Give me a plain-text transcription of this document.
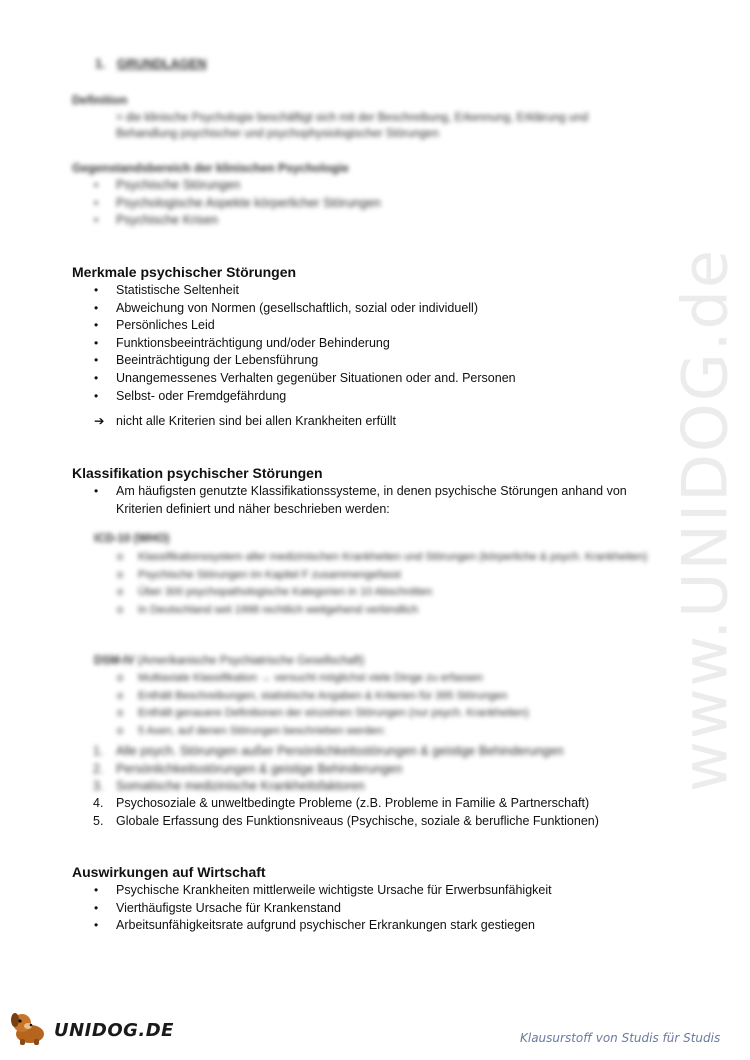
www.UNIDOG.de
1. GRUNDLAGEN
Definition
= die klinische Psychologie beschäftigt sich mit der Beschreibung, Erkennung, Erklärung und Behandlung psychischer und psychophysiologischer Störungen
Gegenstandsbereich der klinischen Psychologie
• Psychische Störungen
• Psychologische Aspekte körperlicher Störungen
• Psychische Krisen
Merkmale psychischer Störungen
• Statistische Seltenheit
• Abweichung von Normen (gesellschaftlich, sozial oder individuell)
• Persönliches Leid
• Funktionsbeeinträchtigung und/oder Behinderung
• Beeinträchtigung der Lebensführung
• Unangemessenes Verhalten gegenüber Situationen oder and. Personen
• Selbst- oder Fremdgefährdung
➔ nicht alle Kriterien sind bei allen Krankheiten erfüllt
Klassifikation psychischer Störungen
• Am häufigsten genutzte Klassifikationssysteme, in denen psychische Störungen anhand von Kriterien definiert und näher beschrieben werden:
ICD-10 (WHO)
o Klassifikationssystem aller medizinischen Krankheiten und Störungen (körperliche & psych. Krankheiten)
o Psychische Störungen im Kapitel F zusammengefasst
o Über 300 psychopathologische Kategorien in 10 Abschnitten
o In Deutschland seit 1998 rechtlich weitgehend verbindlich
DSM-IV (Amerikanische Psychiatrische Gesellschaft)
o Multiaxiale Klassifikation → versucht möglichst viele Dinge zu erfassen
o Enthält Beschreibungen, statistische Angaben & Kriterien für 395 Störungen
o Enthält genauere Definitionen der einzelnen Störungen (nur psych. Krankheiten)
o 5 Axen, auf denen Störungen beschrieben werden:
1. Alle psych. Störungen außer Persönlichkeitsstörungen & geistige Behinderungen
2. Persönlichkeitsstörungen & geistige Behinderungen
3. Somatische medizinische Krankheitsfaktoren
4. Psychosoziale & unweltbedingte Probleme (z.B. Probleme in Familie & Partnerschaft)
5. Globale Erfassung des Funktionsniveaus (Psychische, soziale & berufliche Funktionen)
Auswirkungen auf Wirtschaft
• Psychische Krankheiten mittlerweile wichtigste Ursache für Erwerbsunfähigkeit
• Vierthäufigste Ursache für Krankenstand
• Arbeitsunfähigkeitsrate aufgrund psychischer Erkrankungen stark gestiegen
UNIDOG.DE	Klausurstoff von Studis für Studis
